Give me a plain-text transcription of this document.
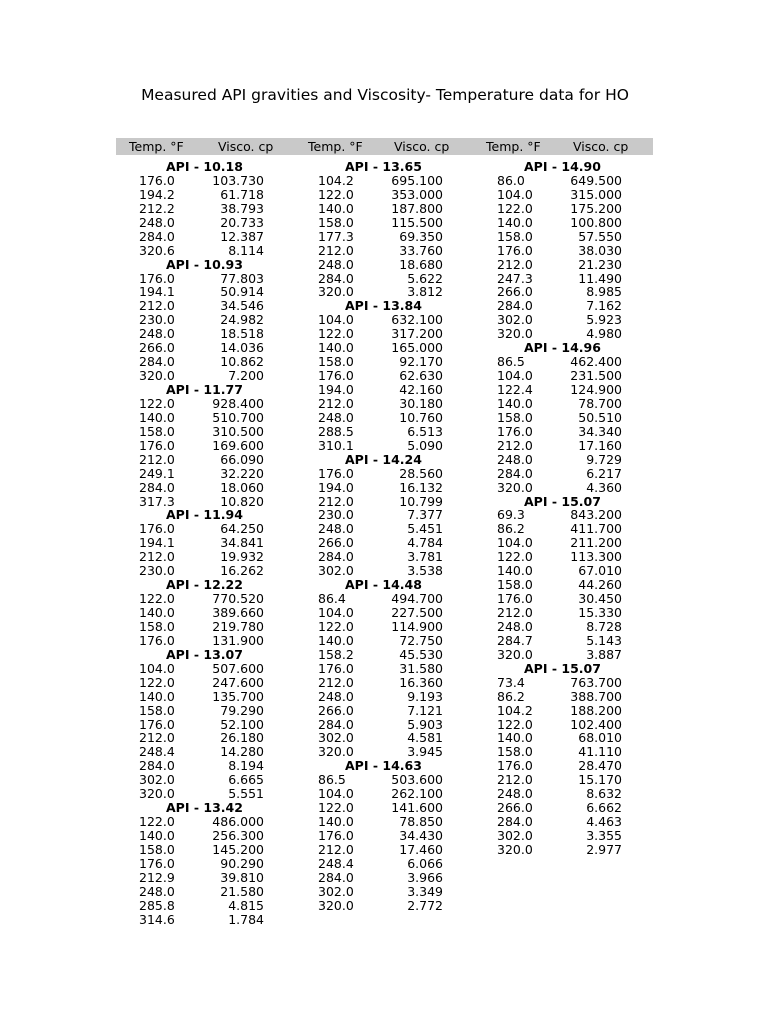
Measured API gravities and Viscosity- Temperature data for HO
Temp. °F	Visco. cp	Temp. °F	Visco. cp	Temp. °F	Visco. cp
API - 10.18
176.0	103.730
194.2	61.718
212.2	38.793
248.0	20.733
284.0	12.387
320.6	8.114
API - 10.93
176.0	77.803
194.1	50.914
212.0	34.546
230.0	24.982
248.0	18.518
266.0	14.036
284.0	10.862
320.0	7.200
API - 11.77
122.0	928.400
140.0	510.700
158.0	310.500
176.0	169.600
212.0	66.090
249.1	32.220
284.0	18.060
317.3	10.820
API - 11.94
176.0	64.250
194.1	34.841
212.0	19.932
230.0	16.262
API - 12.22
122.0	770.520
140.0	389.660
158.0	219.780
176.0	131.900
API - 13.07
104.0	507.600
122.0	247.600
140.0	135.700
158.0	79.290
176.0	52.100
212.0	26.180
248.4	14.280
284.0	8.194
302.0	6.665
320.0	5.551
API - 13.42
122.0	486.000
140.0	256.300
158.0	145.200
176.0	90.290
212.9	39.810
248.0	21.580
285.8	4.815
314.6	1.784
API - 13.65
104.2	695.100
122.0	353.000
140.0	187.800
158.0	115.500
177.3	69.350
212.0	33.760
248.0	18.680
284.0	5.622
320.0	3.812
API - 13.84
104.0	632.100
122.0	317.200
140.0	165.000
158.0	92.170
176.0	62.630
194.0	42.160
212.0	30.180
248.0	10.760
288.5	6.513
310.1	5.090
API - 14.24
176.0	28.560
194.0	16.132
212.0	10.799
230.0	7.377
248.0	5.451
266.0	4.784
284.0	3.781
302.0	3.538
API - 14.48
86.4	494.700
104.0	227.500
122.0	114.900
140.0	72.750
158.2	45.530
176.0	31.580
212.0	16.360
248.0	9.193
266.0	7.121
284.0	5.903
302.0	4.581
320.0	3.945
API - 14.63
86.5	503.600
104.0	262.100
122.0	141.600
140.0	78.850
176.0	34.430
212.0	17.460
248.4	6.066
284.0	3.966
302.0	3.349
320.0	2.772
API - 14.90
86.0	649.500
104.0	315.000
122.0	175.200
140.0	100.800
158.0	57.550
176.0	38.030
212.0	21.230
247.3	11.490
266.0	8.985
284.0	7.162
302.0	5.923
320.0	4.980
API - 14.96
86.5	462.400
104.0	231.500
122.4	124.900
140.0	78.700
158.0	50.510
176.0	34.340
212.0	17.160
248.0	9.729
284.0	6.217
320.0	4.360
API - 15.07
69.3	843.200
86.2	411.700
104.0	211.200
122.0	113.300
140.0	67.010
158.0	44.260
176.0	30.450
212.0	15.330
248.0	8.728
284.7	5.143
320.0	3.887
API - 15.07
73.4	763.700
86.2	388.700
104.2	188.200
122.0	102.400
140.0	68.010
158.0	41.110
176.0	28.470
212.0	15.170
248.0	8.632
266.0	6.662
284.0	4.463
302.0	3.355
320.0	2.977
